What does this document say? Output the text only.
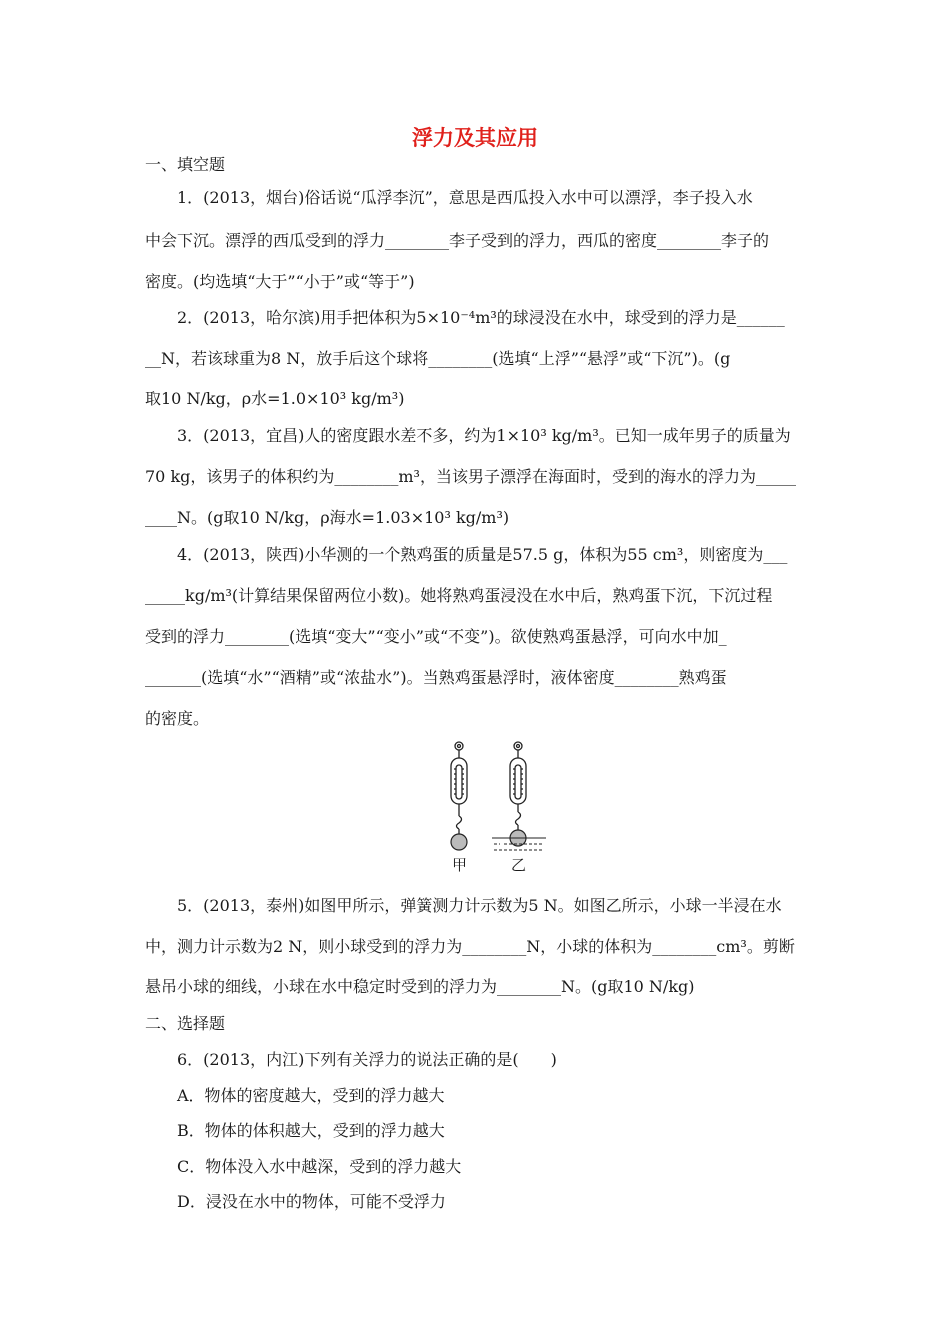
浮力及其应用
一、填空题
1．(2013，烟台)俗话说“瓜浮李沉”，意思是西瓜投入水中可以漂浮，李子投入水
中会下沉。漂浮的西瓜受到的浮力________李子受到的浮力，西瓜的密度________李子的
密度。(均选填“大于”“小于”或“等于”)
2．(2013，哈尔滨)用手把体积为5×10⁻⁴m³的球浸没在水中，球受到的浮力是______
__N，若该球重为8 N，放手后这个球将________(选填“上浮”“悬浮”或“下沉”)。(g
取10 N/kg，ρ水=1.0×10³ kg/m³)
3．(2013，宜昌)人的密度跟水差不多，约为1×10³ kg/m³。已知一成年男子的质量为
70 kg，该男子的体积约为________m³，当该男子漂浮在海面时，受到的海水的浮力为_____
____N。(g取10 N/kg，ρ海水=1.03×10³ kg/m³)
4．(2013，陕西)小华测的一个熟鸡蛋的质量是57.5 g，体积为55 cm³，则密度为___
_____kg/m³(计算结果保留两位小数)。她将熟鸡蛋浸没在水中后，熟鸡蛋下沉，下沉过程
受到的浮力________(选填“变大”“变小”或“不变”)。欲使熟鸡蛋悬浮，可向水中加_
_______(选填“水”“酒精”或“浓盐水”)。当熟鸡蛋悬浮时，液体密度________熟鸡蛋
的密度。
甲	乙
5．(2013，泰州)如图甲所示，弹簧测力计示数为5 N。如图乙所示，小球一半浸在水
中，测力计示数为2 N，则小球受到的浮力为________N，小球的体积为________cm³。剪断
悬吊小球的细线，小球在水中稳定时受到的浮力为________N。(g取10 N/kg)
二、选择题
6．(2013，内江)下列有关浮力的说法正确的是(　　)
A．物体的密度越大，受到的浮力越大
B．物体的体积越大，受到的浮力越大
C．物体没入水中越深，受到的浮力越大
D．浸没在水中的物体，可能不受浮力
